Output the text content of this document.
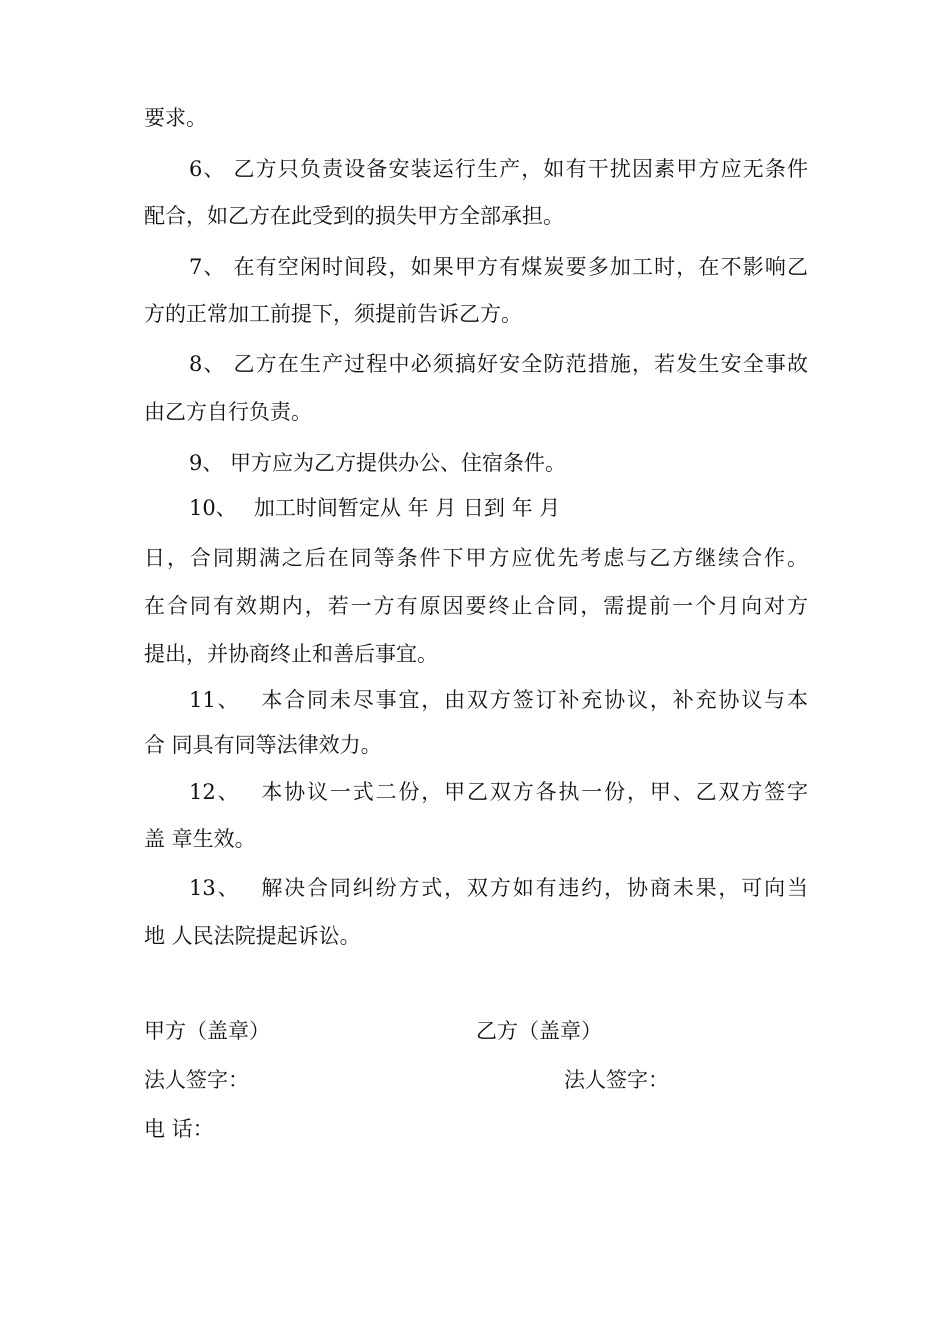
要求。

6、 乙方只负责设备安装运行生产，如有干扰因素甲方应无条件

配合，如乙方在此受到的损失甲方全部承担。

7、 在有空闲时间段，如果甲方有煤炭要多加工时，在不影响乙

方的正常加工前提下，须提前告诉乙方。

8、 乙方在生产过程中必须搞好安全防范措施，若发生安全事故

由乙方自行负责。

9、 甲方应为乙方提供办公、住宿条件。

10、　 加工时间暂定从 年 月 日到 年 月

日，合同期满之后在同等条件下甲方应优先考虑与乙方继续合作。

在合同有效期内，若一方有原因要终止合同，需提前一个月向对方

提出，并协商终止和善后事宜。

11、　 本合同未尽事宜，由双方签订补充协议，补充协议与本

合 同具有同等法律效力。

12、　 本协议一式二份，甲乙双方各执一份，甲、乙双方签字

盖 章生效。

13、　 解决合同纠纷方式，双方如有违约，协商未果，可向当

地 人民法院提起诉讼。

甲方（盖章）	乙方（盖章）

法人签字：	法人签字：

电 话：
